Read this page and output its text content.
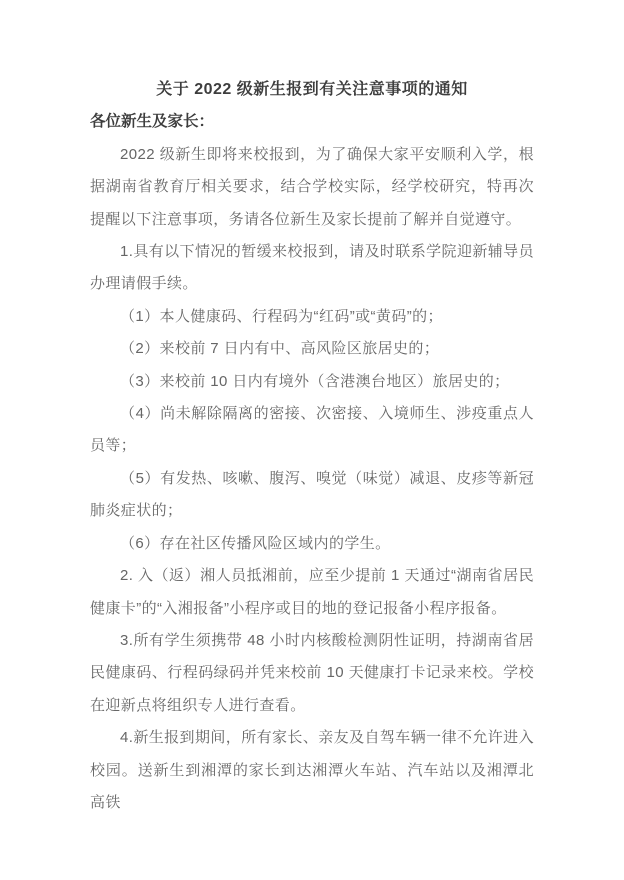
关于 2022 级新生报到有关注意事项的通知

各位新生及家长：

2022 级新生即将来校报到，为了确保大家平安顺利入学，根据湖南省教育厅相关要求，结合学校实际，经学校研究，特再次提醒以下注意事项，务请各位新生及家长提前了解并自觉遵守。

1.具有以下情况的暂缓来校报到，请及时联系学院迎新辅导员办理请假手续。

（1）本人健康码、行程码为“红码”或“黄码”的；

（2）来校前 7 日内有中、高风险区旅居史的；

（3）来校前 10 日内有境外（含港澳台地区）旅居史的；

（4）尚未解除隔离的密接、次密接、入境师生、涉疫重点人员等；

（5）有发热、咳嗽、腹泻、嗅觉（味觉）减退、皮疹等新冠肺炎症状的；

（6）存在社区传播风险区域内的学生。

2. 入（返）湘人员抵湘前，应至少提前 1 天通过“湖南省居民健康卡”的“入湘报备”小程序或目的地的登记报备小程序报备。

3.所有学生须携带 48 小时内核酸检测阴性证明，持湖南省居民健康码、行程码绿码并凭来校前 10 天健康打卡记录来校。学校在迎新点将组织专人进行查看。

4.新生报到期间，所有家长、亲友及自驾车辆一律不允许进入校园。送新生到湘潭的家长到达湘潭火车站、汽车站以及湘潭北高铁
